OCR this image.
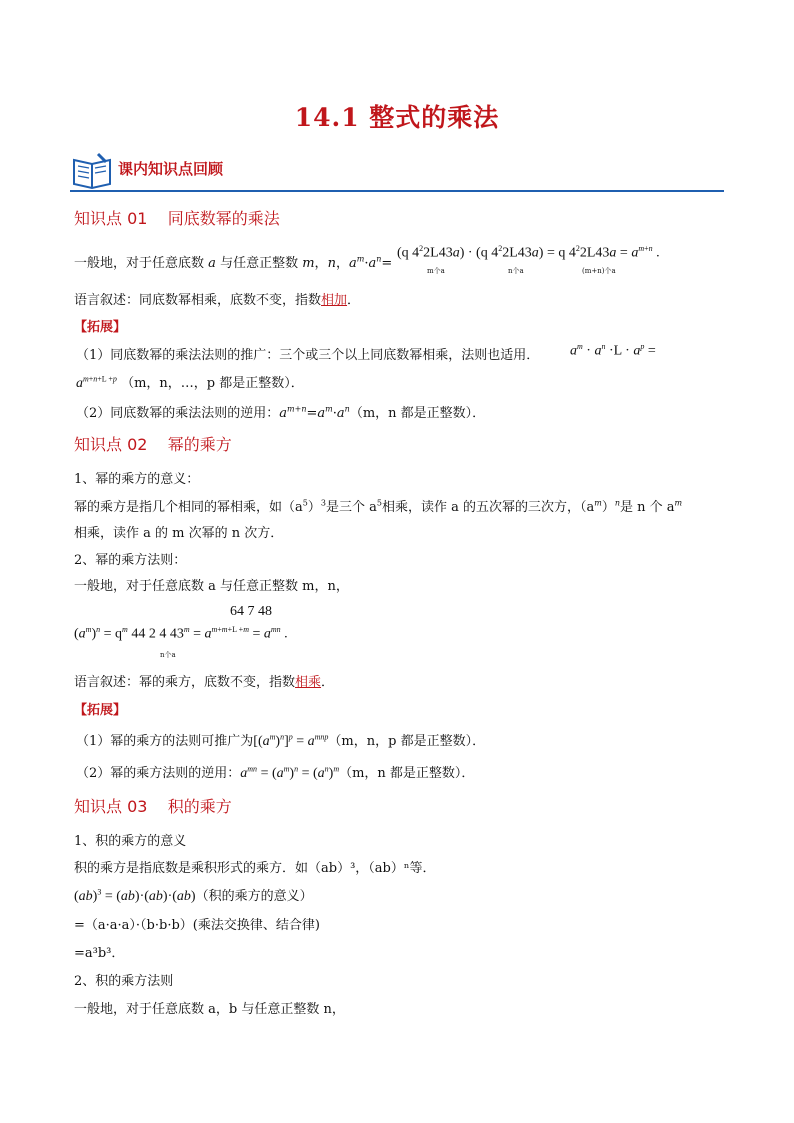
14.1 整式的乘法
课内知识点回顾
知识点 01    同底数幂的乘法
一般地，对于任意底数 a 与任意正整数 m，n，$a^m\cdot a^n=$
(q $4^22L43a) \cdot (q$ $4^22L43a) = q$ $4^22L43a = a^{m+n}$ .
m个a	n个a	(m+n)个a
语言叙述：同底数幂相乘，底数不变，指数相加．
【拓展】
（1）同底数幂的乘法法则的推广：三个或三个以上同底数幂相乘，法则也适用． $a^m \cdot a^n \cdot L \cdot a^p$ =
$a^{m+n+L +p}$ （m，n，…，p 都是正整数）．
（2）同底数幂的乘法法则的逆用：$a^{m+n}=a^m\cdot a^n(m$，n 都是正整数）．
知识点 02    幂的乘方
1、幂的乘方的意义：
幂的乘方是指几个相同的幂相乘，如$(a^5)^3$是三个 $a^5$相乘，读作 a 的五次幂的三次方，$(a^m)^n$是 n 个 $a^m$
相乘，读作 a 的 m 次幂的 n 次方．
2、幂的乘方法则：
一般地，对于任意底数 a 与任意正整数 m，n，
64 7 48
$(a^m)^n = q^m$ 44 2 4 $43^m = a^{m+m+L +m} = a^{mn}$ .
n个a
语言叙述：幂的乘方，底数不变，指数相乘．
【拓展】
（1）幂的乘方的法则可推广为$[(a^m)^n]^p = a^{mnp}(m$，n，p 都是正整数）．
（2）幂的乘方法则的逆用：$a^{mn} = (a^m)^n = (a^n)^m(m$，n 都是正整数）．
知识点 03    积的乘方
1、积的乘方的意义
积的乘方是指底数是乘积形式的乘方．如（ab）³，（ab）ⁿ等．
(ab)$^3$ = (ab)·(ab)·(ab)（积的乘方的意义）
=（a·a·a）·（b·b·b）(乘法交换律、结合律)
=a³b³．
2、积的乘方法则
一般地，对于任意底数 a，b 与任意正整数 n，
